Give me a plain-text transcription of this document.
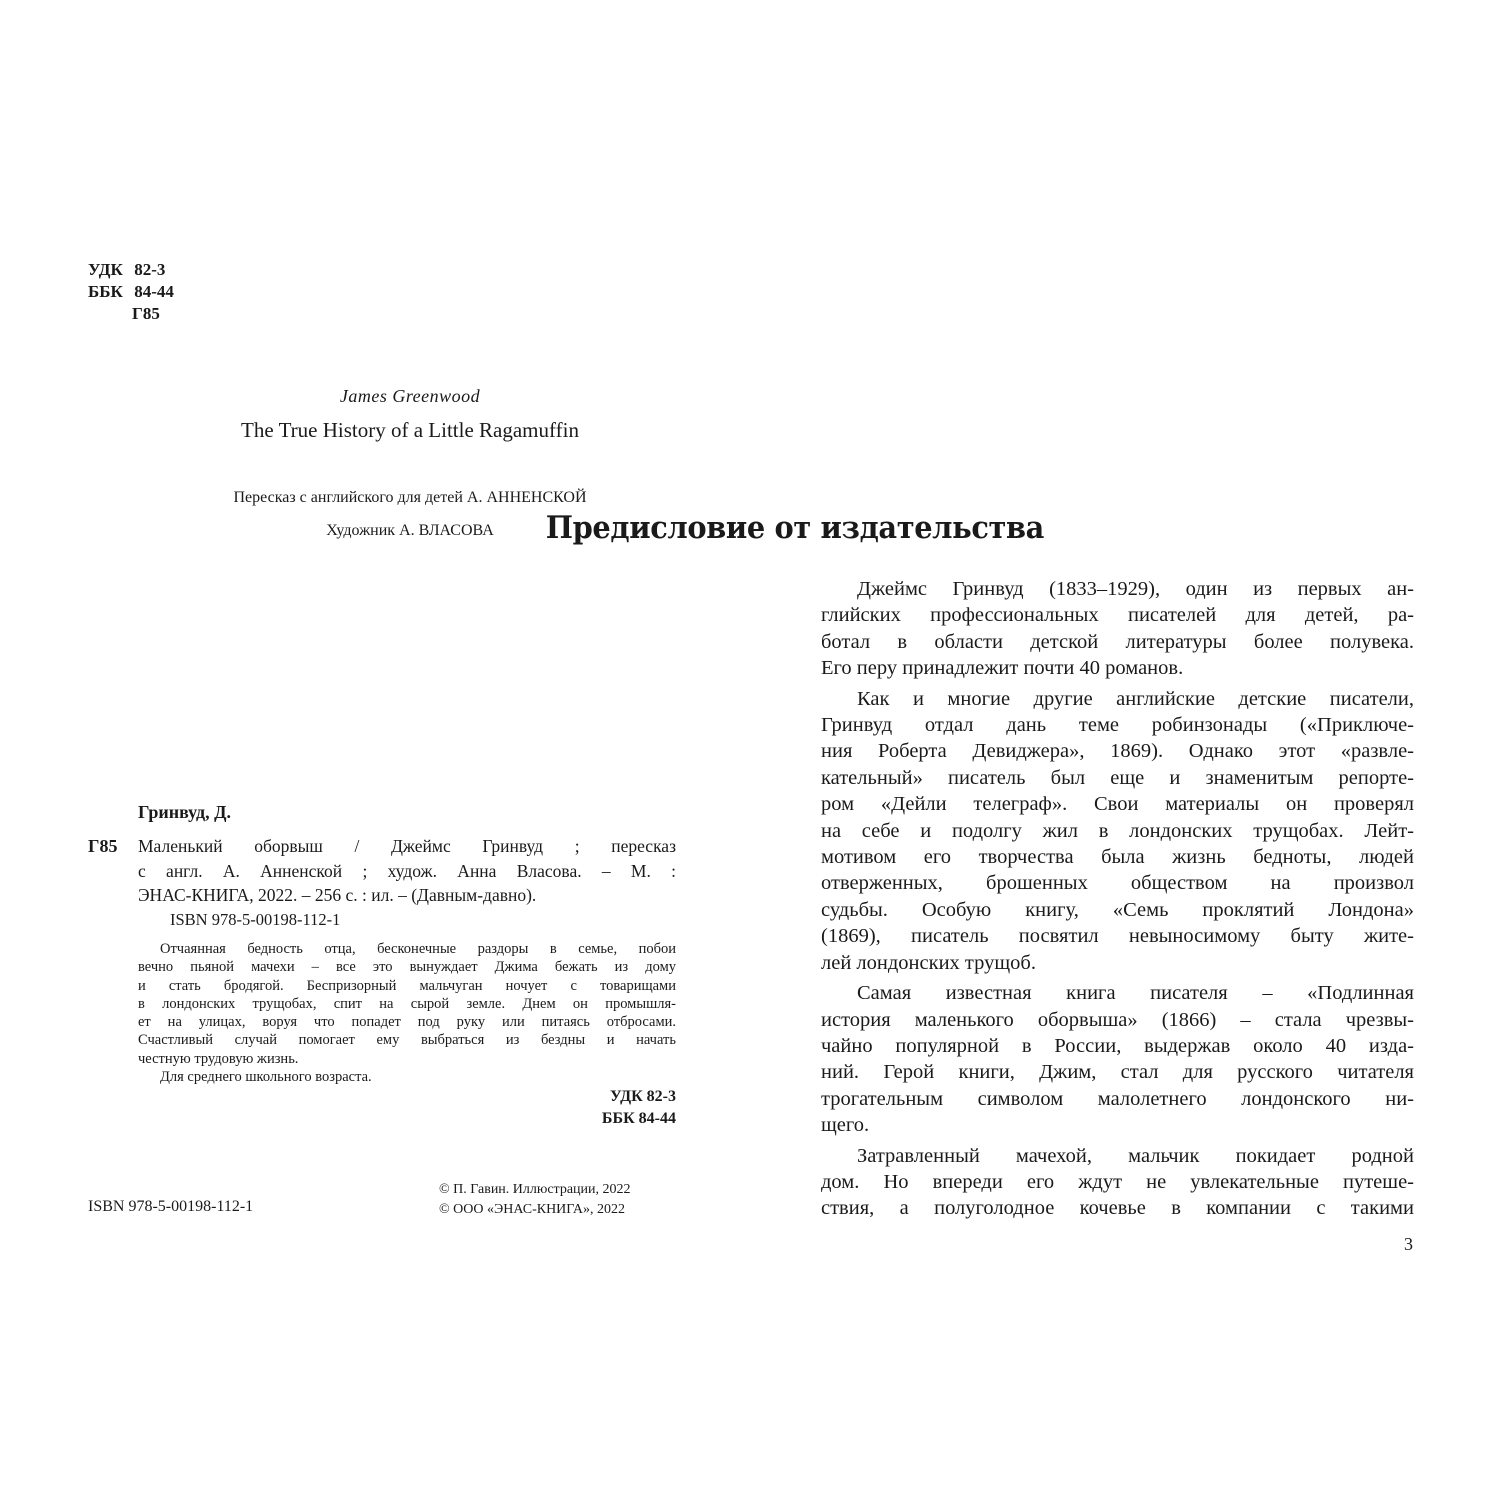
УДК 82-3
ББК 84-44
Г85
James Greenwood
The True History of a Little Ragamuffin
Пересказ с английского для детей А. АННЕНСКОЙ
Художник А. ВЛАСОВА
Гринвуд, Д.
Г85 Маленький оборвыш / Джеймс Гринвуд ; пересказ
с англ. А. Анненской ; худож. Анна Власова. – М. :
ЭНАС-КНИГА, 2022. – 256 с. : ил. – (Давным-давно).
ISBN 978-5-00198-112-1
Отчаянная бедность отца, бесконечные раздоры в семье, побои
вечно пьяной мачехи – все это вынуждает Джима бежать из дому
и стать бродягой. Беспризорный мальчуган ночует с товарищами
в лондонских трущобах, спит на сырой земле. Днем он промышля-
ет на улицах, воруя что попадет под руку или питаясь отбросами.
Счастливый случай помогает ему выбраться из бездны и начать
честную трудовую жизнь.
Для среднего школьного возраста.
УДК 82-3
ББК 84-44
ISBN 978-5-00198-112-1
© П. Гавин. Иллюстрации, 2022
© ООО «ЭНАС-КНИГА», 2022
Предисловие от издательства
Джеймс Гринвуд (1833–1929), один из первых ан-
глийских профессиональных писателей для детей, ра-
ботал в области детской литературы более полувека.
Его перу принадлежит почти 40 романов.
Как и многие другие английские детские писатели,
Гринвуд отдал дань теме робинзонады («Приключе-
ния Роберта Девиджера», 1869). Однако этот «развле-
кательный» писатель был еще и знаменитым репорте-
ром «Дейли телеграф». Свои материалы он проверял
на себе и подолгу жил в лондонских трущобах. Лейт-
мотивом его творчества была жизнь бедноты, людей
отверженных, брошенных обществом на произвол
судьбы. Особую книгу, «Семь проклятий Лондона»
(1869), писатель посвятил невыносимому быту жите-
лей лондонских трущоб.
Самая известная книга писателя – «Подлинная
история маленького оборвыша» (1866) – стала чрезвы-
чайно популярной в России, выдержав около 40 изда-
ний. Герой книги, Джим, стал для русского читателя
трогательным символом малолетнего лондонского ни-
щего.
Затравленный мачехой, мальчик покидает родной
дом. Но впереди его ждут не увлекательные путеше-
ствия, а полуголодное кочевье в компании с такими
3
